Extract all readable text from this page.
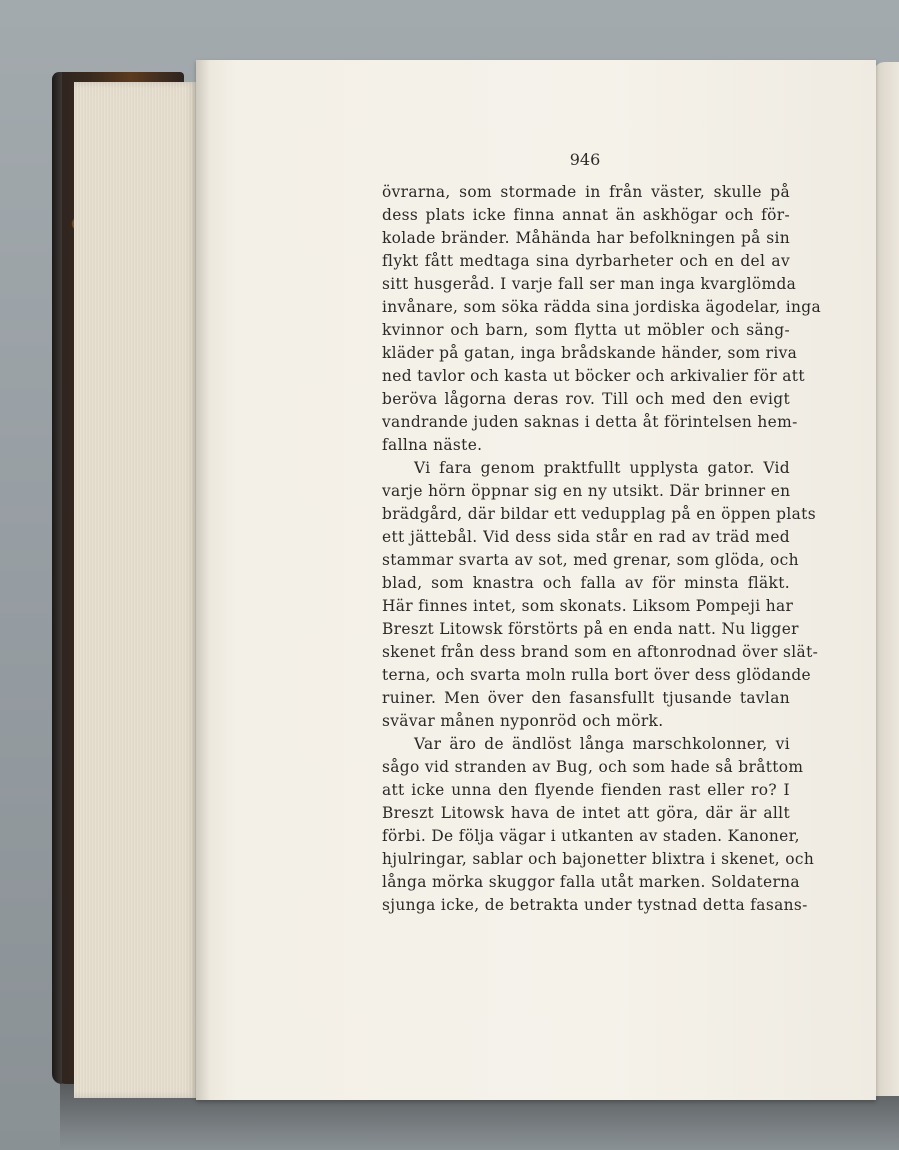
946
övrarna, som stormade in från väster, skulle på
dess plats icke finna annat än askhögar och för-
kolade bränder. Måhända har befolkningen på sin
flykt fått medtaga sina dyrbarheter och en del av
sitt husgeråd. I varje fall ser man inga kvarglömda
invånare, som söka rädda sina jordiska ägodelar, inga
kvinnor och barn, som flytta ut möbler och säng-
kläder på gatan, inga brådskande händer, som riva
ned tavlor och kasta ut böcker och arkivalier för att
beröva lågorna deras rov. Till och med den evigt
vandrande juden saknas i detta åt förintelsen hem-
fallna näste.
Vi fara genom praktfullt upplysta gator. Vid
varje hörn öppnar sig en ny utsikt. Där brinner en
brädgård, där bildar ett vedupplag på en öppen plats
ett jättebål. Vid dess sida står en rad av träd med
stammar svarta av sot, med grenar, som glöda, och
blad, som knastra och falla av för minsta fläkt.
Här finnes intet, som skonats. Liksom Pompeji har
Breszt Litowsk förstörts på en enda natt. Nu ligger
skenet från dess brand som en aftonrodnad över slät-
terna, och svarta moln rulla bort över dess glödande
ruiner. Men över den fasansfullt tjusande tavlan
svävar månen nyponröd och mörk.
Var äro de ändlöst långa marschkolonner, vi
sågo vid stranden av Bug, och som hade så bråttom
att icke unna den flyende fienden rast eller ro? I
Breszt Litowsk hava de intet att göra, där är allt
förbi. De följa vägar i utkanten av staden. Kanoner,
hjulringar, sablar och bajonetter blixtra i skenet, och
långa mörka skuggor falla utåt marken. Soldaterna
sjunga icke, de betrakta under tystnad detta fasans-
